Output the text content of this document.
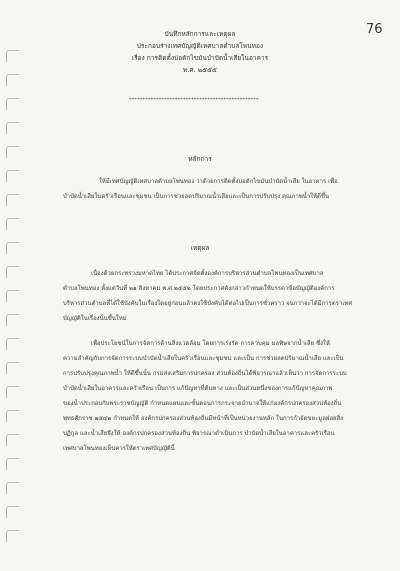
76
บันทึกหลักการและเหตุผล
ประกอบร่างเทศบัญญัติเทศบาลตำบลโพนทอง
เรื่อง การติดตั้งบ่อดักไขมันบำบัดน้ำเสียในอาคาร
พ.ศ. ๒๕๕๕
************************************************
หลักการ
ให้มีเทศบัญญัติเทศบาลตำบลโพนทอง ว่าด้วยการติดตั้งบ่อดักไขมันบำบัดน้ำเสีย ในอาคาร เพื่อ
บำบัดน้ำเสียในครัวเรือนและชุมชน เป็นการช่วยลดปริมาณน้ำเสียและเป็นการปรับปรุง คุณภาพน้ำให้ดีขึ้น
เหตุผล
เนื่องด้วยกระทรวงมหาดไทย ได้ประกาศจัดตั้งองค์การบริหารส่วนตำบลโพนทองเป็นเทศบาล
ตำบลโพนทอง ตั้งแต่วันที่ ๒๑ สิงหาคม พ.ศ.๒๕๕๒ โดยประกาศดังกล่าวกำหนดให้บรรดาข้อบัญญัติองค์การ
บริหารส่วนตำบลที่ได้ใช้บังคับในเรื่องใดอยู่ก่อนแล้วคงใช้บังคับได้ต่อไปเป็นการชั่วคราว จนกว่าจะได้มีการตราเทศ
บัญญัติในเรื่องนั้นขึ้นใหม่
เพื่อประโยชน์ในการจัดการด้านสิ่งแวดล้อม โดยการเร่งรัด การควบคุม มลพิษจากน้ำเสีย ซึ่งให้
ความสำคัญกับการจัดการระบบบำบัดน้ำเสียในครัวเรือนและชุมชน และเป็น การช่วยลดปริมาณน้ำเสีย และเป็น
การปรับปรุงคุณภาพน้ำ ให้ดีขึ้นนั้น กรมส่งเสริมการปกครอง ส่วนท้องถิ่นได้พิจารณาแล้วเห็นว่า การจัดการระบบ
บำบัดน้ำเสียในอาคารและครัวเรือน เป็นการ แก้ปัญหาที่ต้นทาง และเป็นส่วนหนึ่งของการแก้ปัญหาคุณภาพ
ของน้ำประกอบกับพระราชบัญญัติ กำหนดแผนและขั้นตอนการกระจายอำนาจให้แก่องค์กรปกครองส่วนท้องถิ่น
พุทธศักราช ๒๕๔๒ กำหนดให้ องค์กรปกครองส่วนท้องถิ่นมีหน้าที่เป็นหน่วยงานหลัก ในการกำจัดขยะมูลฝอยสิ่ง
ปฏิกูล และน้ำเสียจึงให้ องค์กรปกครองส่วนท้องถิ่น พิจารณาดำเนินการ บำบัดน้ำเสียในอาคารและครัวเรือน
เทศบาลโพนทองเห็นควรให้ตราเทศบัญญัตินี้
